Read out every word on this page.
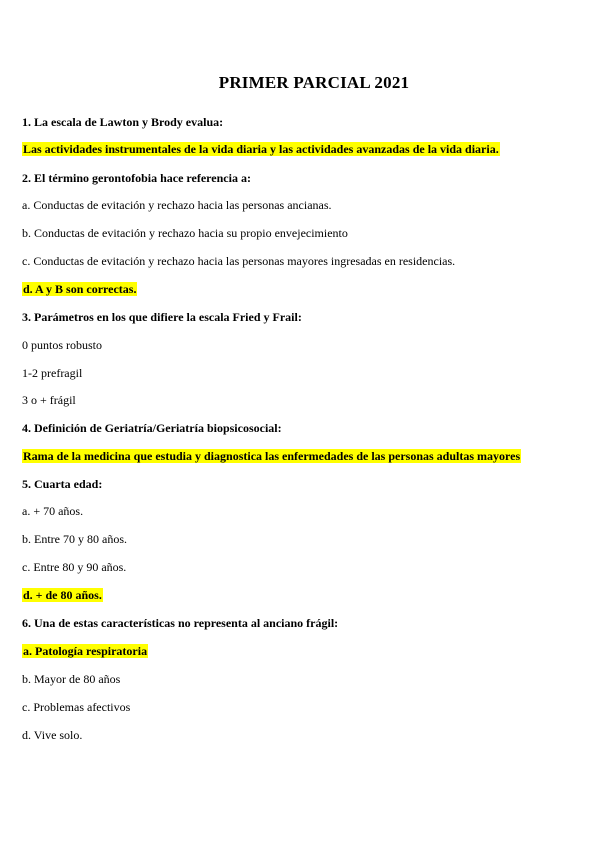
PRIMER PARCIAL 2021
1. La escala de Lawton y Brody evalua:
Las actividades instrumentales de la vida diaria y las actividades avanzadas de la vida diaria.
2. El término gerontofobia hace referencia a:
a. Conductas de evitación y rechazo hacia las personas ancianas.
b. Conductas de evitación y rechazo hacia su propio envejecimiento
c. Conductas de evitación y rechazo hacia las personas mayores ingresadas en residencias.
d. A y B son correctas.
3. Parámetros en los que difiere la escala Fried y Frail:
0 puntos robusto
1-2 prefragil
3 o + frágil
4. Definición de Geriatría/Geriatría biopsicosocial:
Rama de la medicina que estudia y diagnostica las enfermedades de las personas adultas mayores
5. Cuarta edad:
a. + 70 años.
b. Entre 70 y 80 años.
c. Entre 80 y 90 años.
d. + de 80 años.
6. Una de estas características no representa al anciano frágil:
a. Patología respiratoria
b. Mayor de 80 años
c. Problemas afectivos
d. Vive solo.
